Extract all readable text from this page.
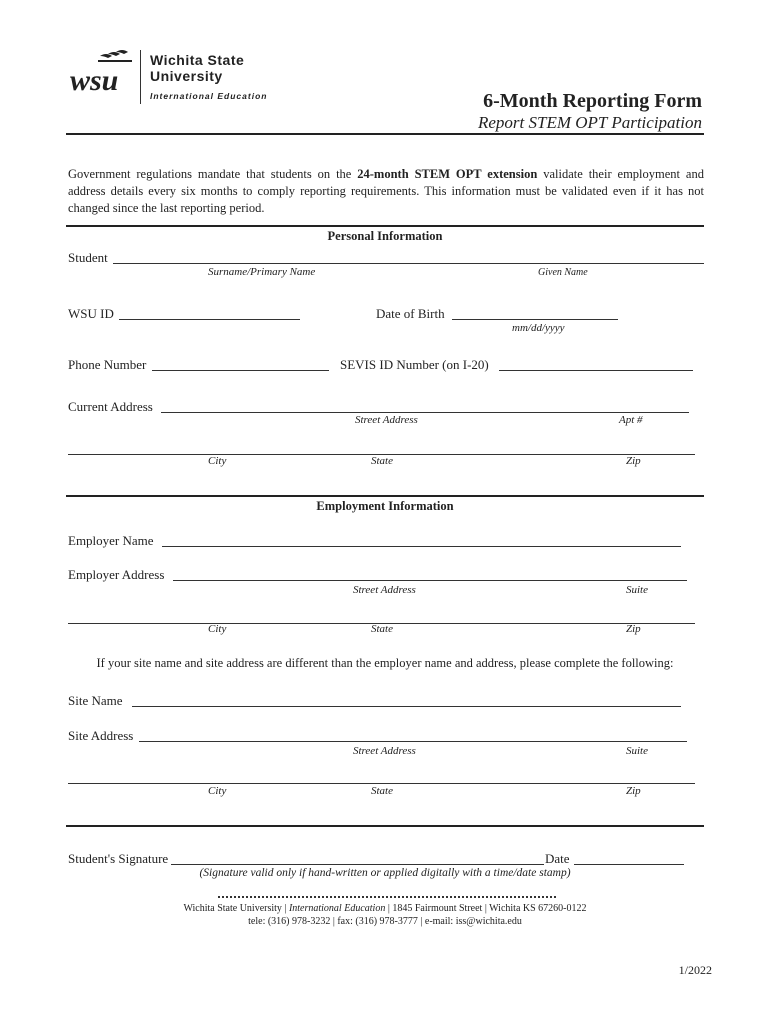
wsu
Wichita State
University
International Education	6-Month Reporting Form
Report STEM OPT Participation
Government regulations mandate that students on the 24-month STEM OPT extension validate their employment and address details every six months to comply reporting requirements. This information must be validated even if it has not changed since the last reporting period.
Personal Information
Student
Surname/Primary Name	Given Name
WSU ID	Date of Birth
mm/dd/yyyy
Phone Number	SEVIS ID Number (on I-20)
Current Address
Street Address	Apt #
City	State	Zip
Employment Information
Employer Name
Employer Address
Street Address	Suite
City	State	Zip
If your site name and site address are different than the employer name and address, please complete the following:
Site Name
Site Address
Street Address	Suite
City	State	Zip
Student's Signature	Date
(Signature valid only if hand-written or applied digitally with a time/date stamp)
Wichita State University | International Education | 1845 Fairmount Street | Wichita KS 67260-0122
tele: (316) 978-3232 | fax: (316) 978-3777 | e-mail: iss@wichita.edu
1/2022
